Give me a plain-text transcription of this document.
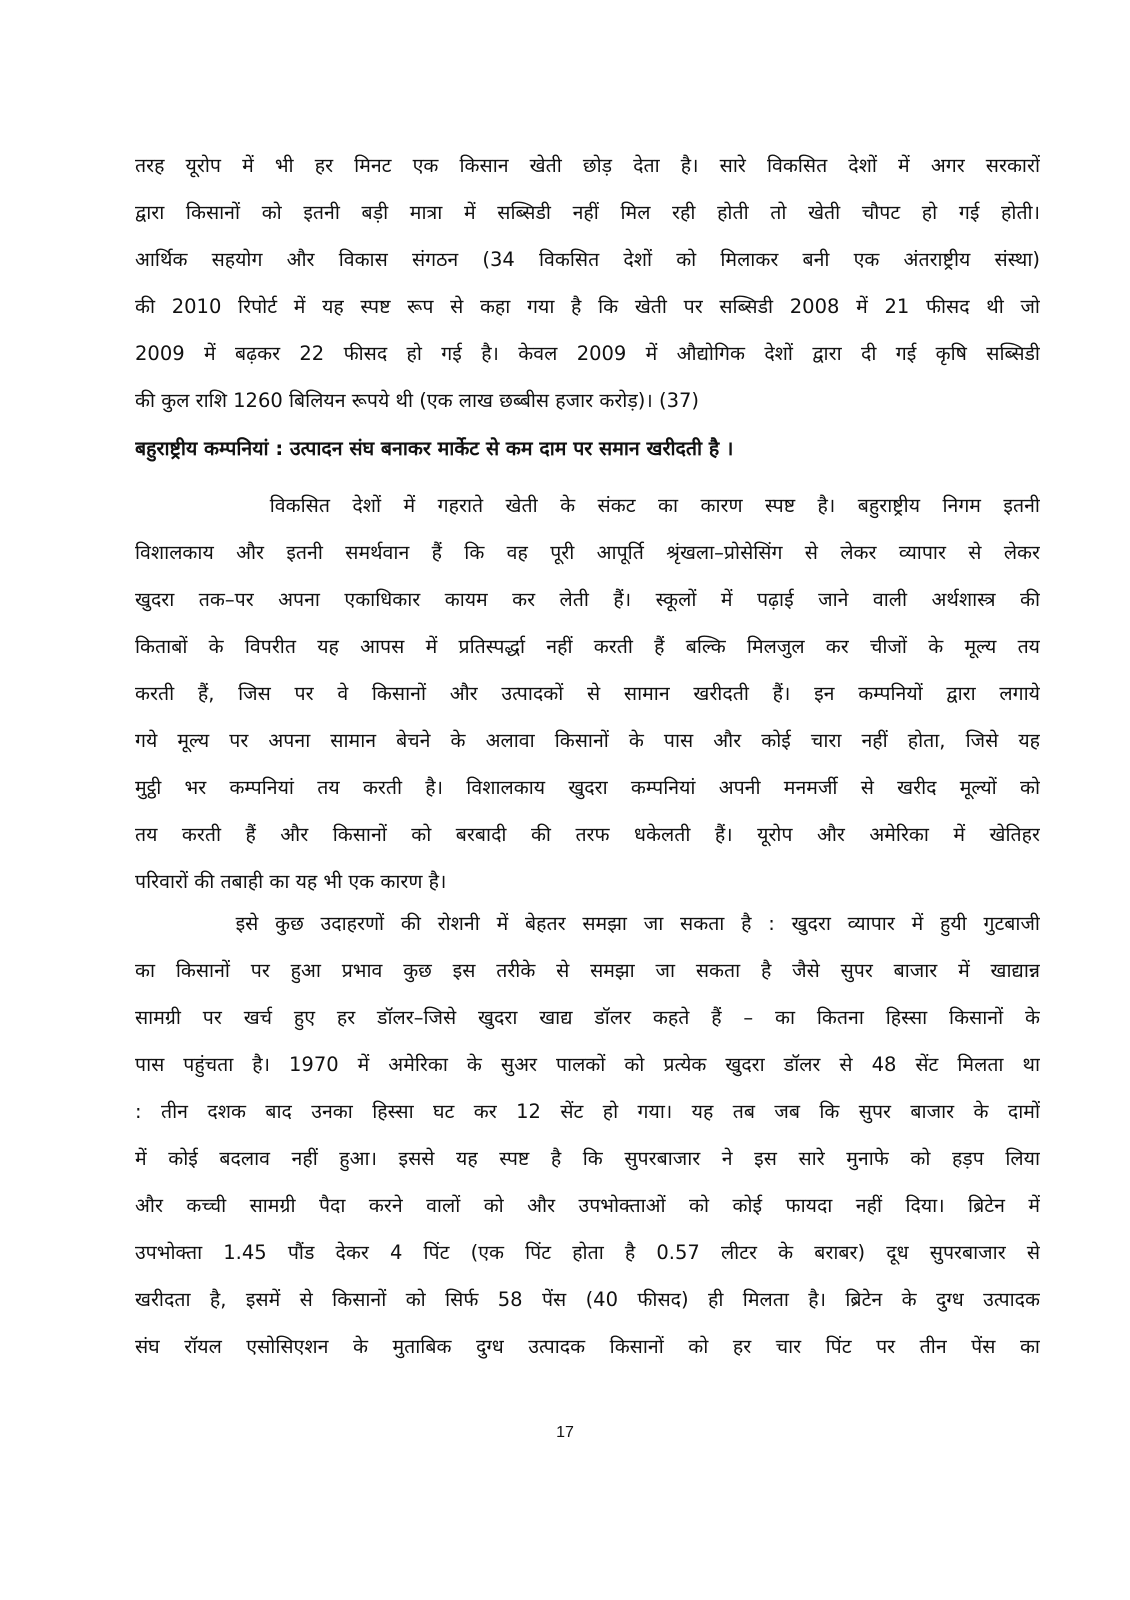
तरह यूरोप में भी हर मिनट एक किसान खेती छोड़ देता है। सारे विकसित देशों में अगर सरकारों
द्वारा किसानों को इतनी बड़ी मात्रा में सब्सिडी नहीं मिल रही होती तो खेती चौपट हो गई होती।
आर्थिक सहयोग और विकास संगठन (34 विकसित देशों को मिलाकर बनी एक अंतराष्ट्रीय संस्था)
की 2010 रिपोर्ट में यह स्पष्ट रूप से कहा गया है कि खेती पर सब्सिडी 2008 में 21 फीसद थी जो
2009 में बढ़कर 22 फीसद हो गई है। केवल 2009 में औद्योगिक देशों द्वारा दी गई कृषि सब्सिडी
की कुल राशि 1260 बिलियन रूपये थी (एक लाख छब्बीस हजार करोड़)। (37)
बहुराष्ट्रीय कम्पनियां : उत्पादन संघ बनाकर मार्केट से कम दाम पर समान खरीदती है ।
विकसित देशों में गहराते खेती के संकट का कारण स्पष्ट है। बहुराष्ट्रीय निगम इतनी
विशालकाय और इतनी समर्थवान हैं कि वह पूरी आपूर्ति श्रृंखला–प्रोसेसिंग से लेकर व्यापार से लेकर
खुदरा तक–पर अपना एकाधिकार कायम कर लेती हैं। स्कूलों में पढ़ाई जाने वाली अर्थशास्त्र की
किताबों के विपरीत यह आपस में प्रतिस्पर्द्धा नहीं करती हैं बल्कि मिलजुल कर चीजों के मूल्य तय
करती हैं, जिस पर वे किसानों और उत्पादकों से सामान खरीदती हैं। इन कम्पनियों द्वारा लगाये
गये मूल्य पर अपना सामान बेचने के अलावा किसानों के पास और कोई चारा नहीं होता, जिसे यह
मुट्ठी भर कम्पनियां तय करती है। विशालकाय खुदरा कम्पनियां अपनी मनमर्जी से खरीद मूल्यों को
तय करती हैं और किसानों को बरबादी की तरफ धकेलती हैं। यूरोप और अमेरिका में खेतिहर
परिवारों की तबाही का यह भी एक कारण है।
इसे कुछ उदाहरणों की रोशनी में बेहतर समझा जा सकता है : खुदरा व्यापार में हुयी गुटबाजी
का किसानों पर हुआ प्रभाव कुछ इस तरीके से समझा जा सकता है जैसे सुपर बाजार में खाद्यान्न
सामग्री पर खर्च हुए हर डॉलर–जिसे खुदरा खाद्य डॉलर कहते हैं – का कितना हिस्सा किसानों के
पास पहुंचता है। 1970 में अमेरिका के सुअर पालकों को प्रत्येक खुदरा डॉलर से 48 सेंट मिलता था
: तीन दशक बाद उनका हिस्सा घट कर 12 सेंट हो गया। यह तब जब कि सुपर बाजार के दामों
में कोई बदलाव नहीं हुआ। इससे यह स्पष्ट है कि सुपरबाजार ने इस सारे मुनाफे को हड़प लिया
और कच्ची सामग्री पैदा करने वालों को और उपभोक्ताओं को कोई फायदा नहीं दिया। ब्रिटेन में
उपभोक्ता 1.45 पौंड देकर 4 पिंट (एक पिंट होता है 0.57 लीटर के बराबर) दूध सुपरबाजार से
खरीदता है, इसमें से किसानों को सिर्फ 58 पेंस (40 फीसद) ही मिलता है। ब्रिटेन के दुग्ध उत्पादक
संघ रॉयल एसोसिएशन के मुताबिक दुग्ध उत्पादक किसानों को हर चार पिंट पर तीन पेंस का
17
